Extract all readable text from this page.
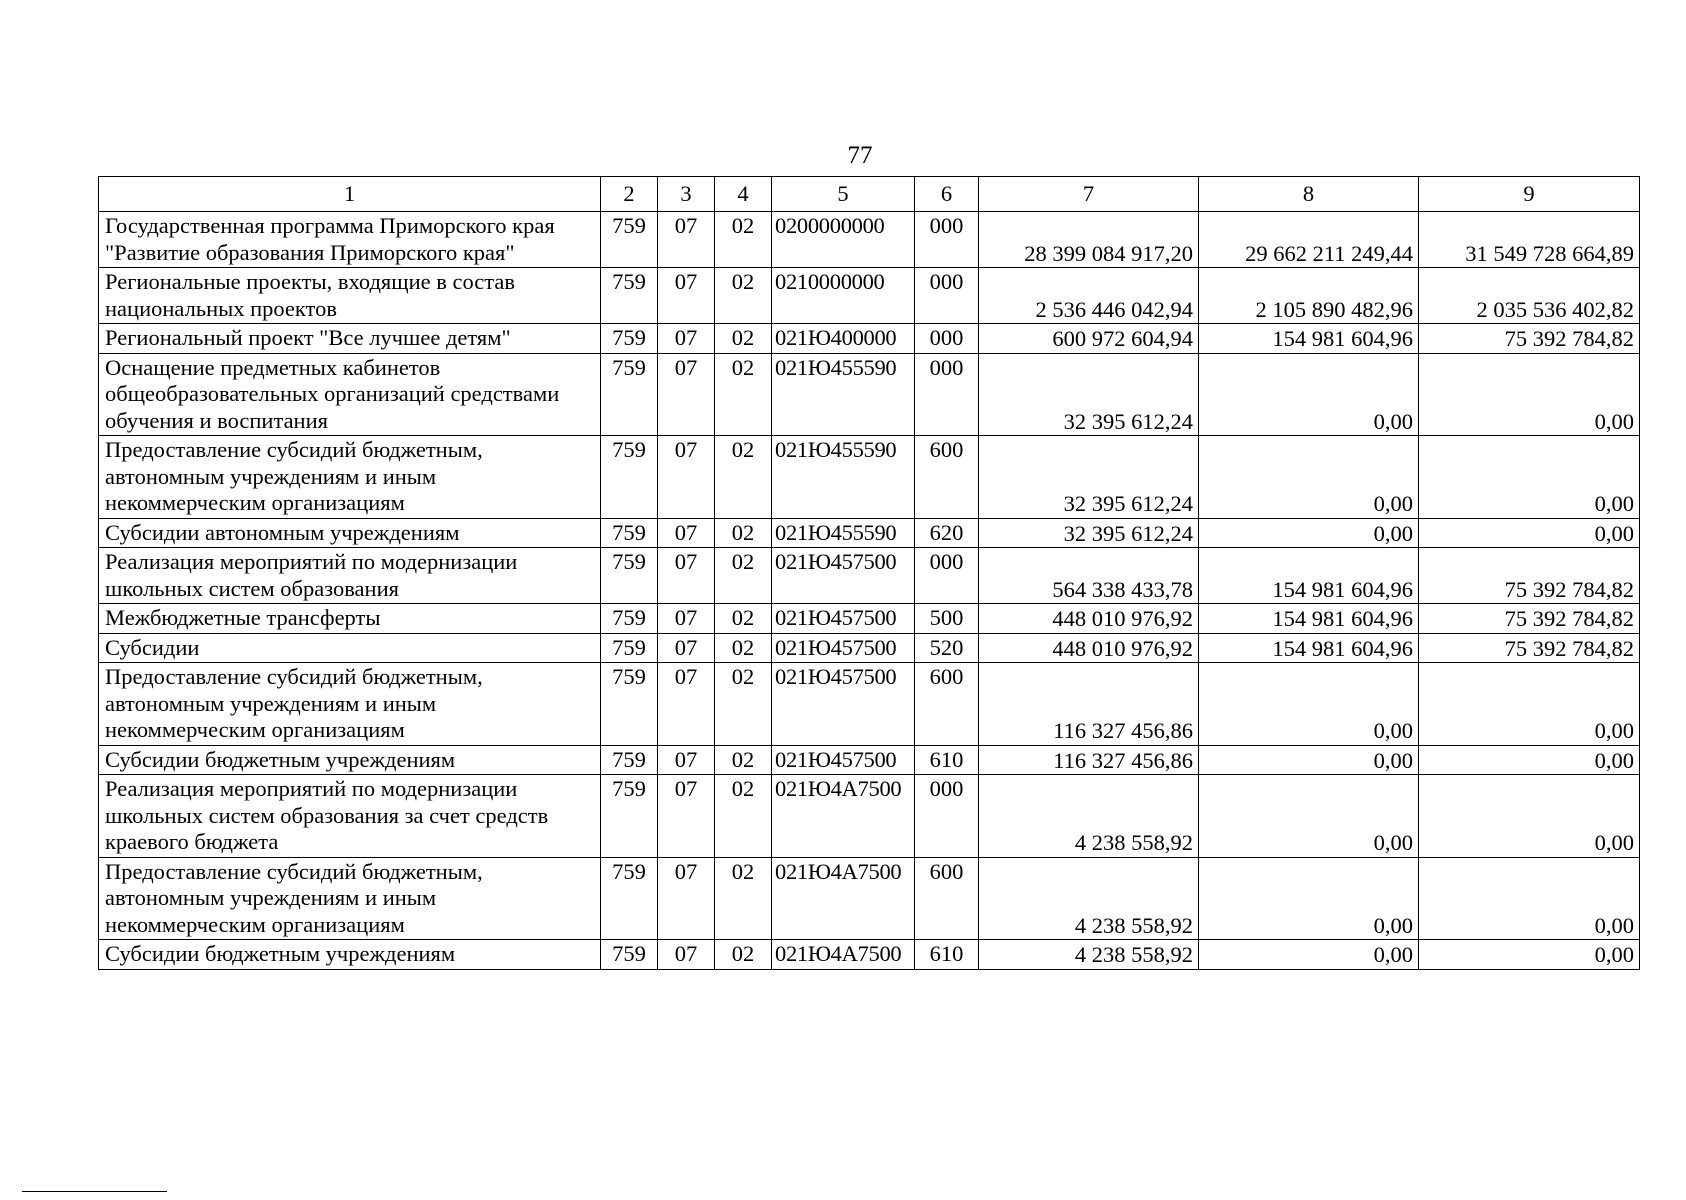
77
1	2	3	4	5	6	7	8	9
Государственная программа Приморского края "Развитие образования Приморского края"	759	07	02	0200000000	000	28 399 084 917,20	29 662 211 249,44	31 549 728 664,89
Региональные проекты, входящие в состав национальных проектов	759	07	02	0210000000	000	2 536 446 042,94	2 105 890 482,96	2 035 536 402,82
Региональный проект "Все лучшее детям"	759	07	02	021Ю400000	000	600 972 604,94	154 981 604,96	75 392 784,82
Оснащение предметных кабинетов общеобразовательных организаций средствами обучения и воспитания	759	07	02	021Ю455590	000	32 395 612,24	0,00	0,00
Предоставление субсидий бюджетным, автономным учреждениям и иным некоммерческим организациям	759	07	02	021Ю455590	600	32 395 612,24	0,00	0,00
Субсидии автономным учреждениям	759	07	02	021Ю455590	620	32 395 612,24	0,00	0,00
Реализация мероприятий по модернизации школьных систем образования	759	07	02	021Ю457500	000	564 338 433,78	154 981 604,96	75 392 784,82
Межбюджетные трансферты	759	07	02	021Ю457500	500	448 010 976,92	154 981 604,96	75 392 784,82
Субсидии	759	07	02	021Ю457500	520	448 010 976,92	154 981 604,96	75 392 784,82
Предоставление субсидий бюджетным, автономным учреждениям и иным некоммерческим организациям	759	07	02	021Ю457500	600	116 327 456,86	0,00	0,00
Субсидии бюджетным учреждениям	759	07	02	021Ю457500	610	116 327 456,86	0,00	0,00
Реализация мероприятий по модернизации школьных систем образования за счет средств краевого бюджета	759	07	02	021Ю4A7500	000	4 238 558,92	0,00	0,00
Предоставление субсидий бюджетным, автономным учреждениям и иным некоммерческим организациям	759	07	02	021Ю4A7500	600	4 238 558,92	0,00	0,00
Субсидии бюджетным учреждениям	759	07	02	021Ю4A7500	610	4 238 558,92	0,00	0,00
